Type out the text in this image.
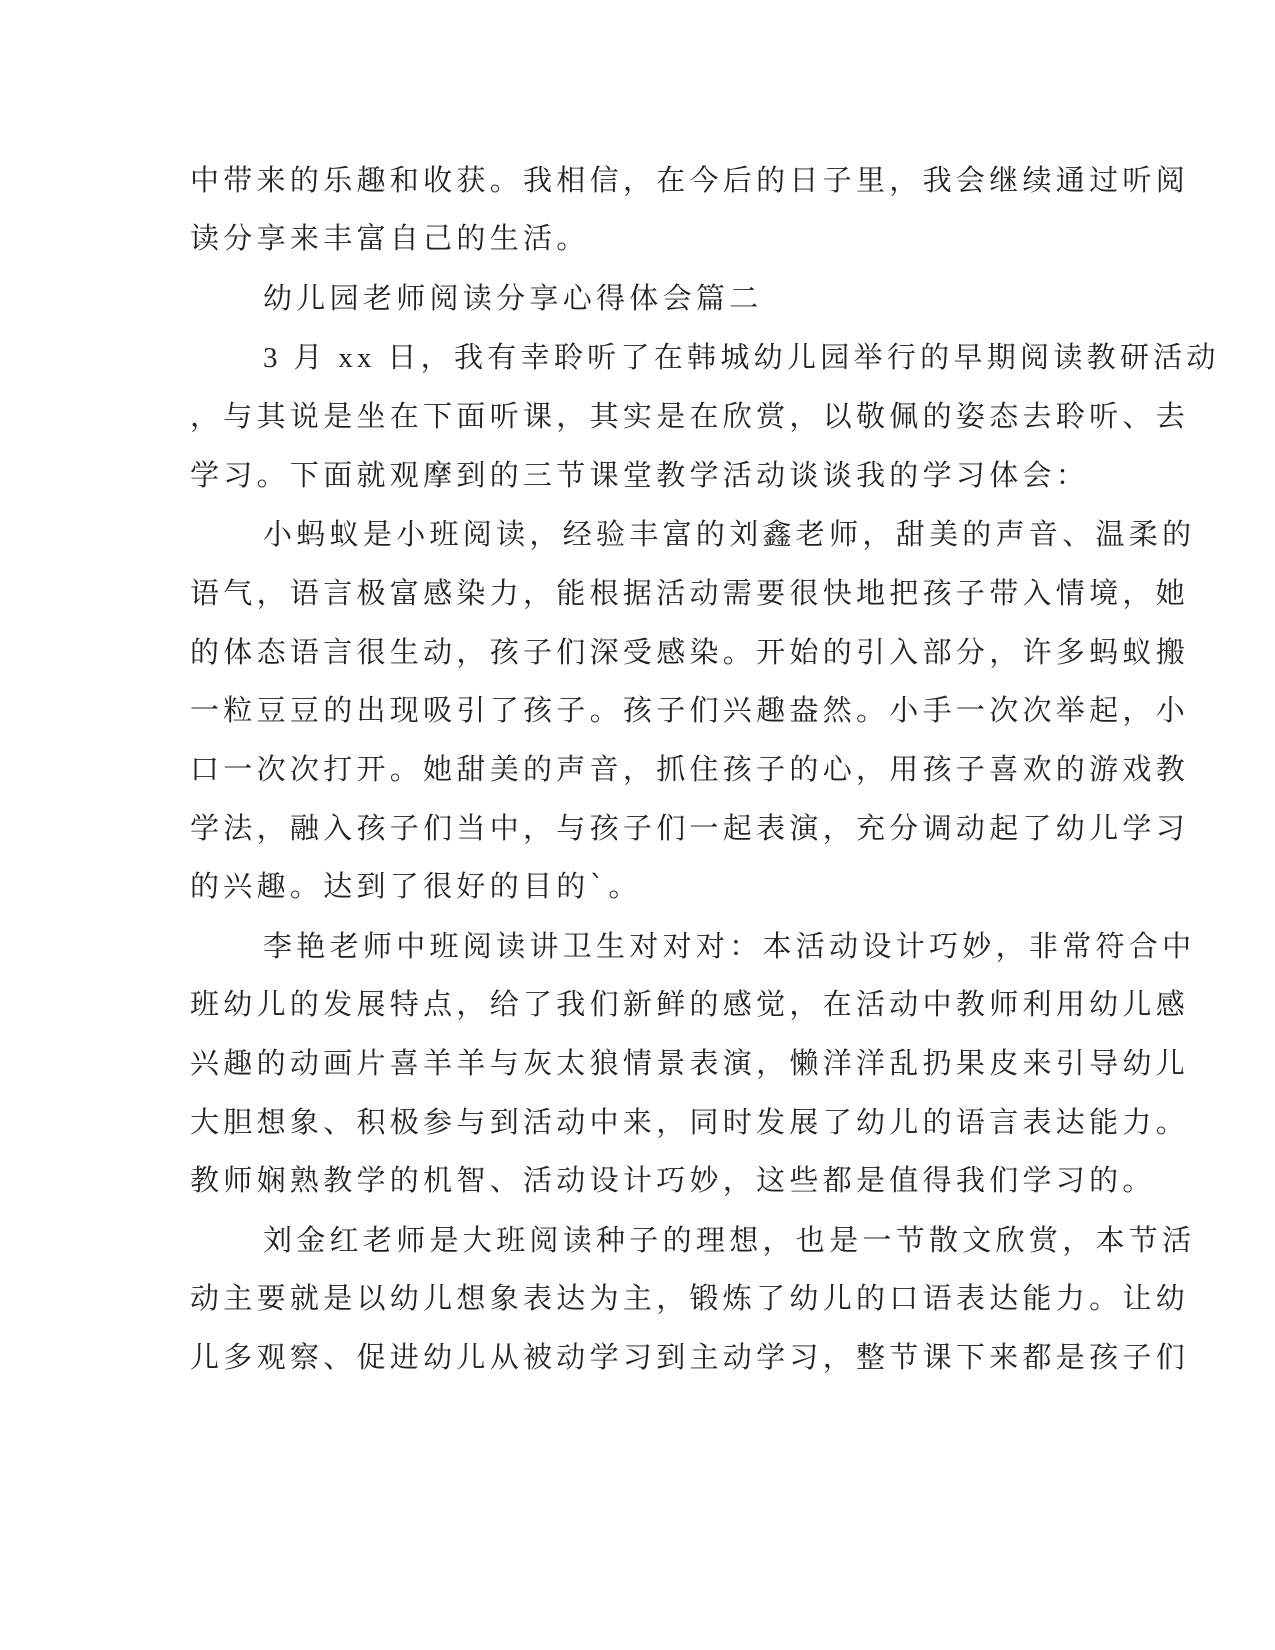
中带来的乐趣和收获。我相信，在今后的日子里，我会继续通过听阅

读分享来丰富自己的生活。

幼儿园老师阅读分享心得体会篇二

3 月 xx 日，我有幸聆听了在韩城幼儿园举行的早期阅读教研活动

，与其说是坐在下面听课，其实是在欣赏，以敬佩的姿态去聆听、去

学习。下面就观摩到的三节课堂教学活动谈谈我的学习体会：

小蚂蚁是小班阅读，经验丰富的刘鑫老师，甜美的声音、温柔的

语气，语言极富感染力，能根据活动需要很快地把孩子带入情境，她

的体态语言很生动，孩子们深受感染。开始的引入部分，许多蚂蚁搬

一粒豆豆的出现吸引了孩子。孩子们兴趣盎然。小手一次次举起，小

口一次次打开。她甜美的声音，抓住孩子的心，用孩子喜欢的游戏教

学法，融入孩子们当中，与孩子们一起表演，充分调动起了幼儿学习

的兴趣。达到了很好的目的`。

李艳老师中班阅读讲卫生对对对：本活动设计巧妙，非常符合中

班幼儿的发展特点，给了我们新鲜的感觉，在活动中教师利用幼儿感

兴趣的动画片喜羊羊与灰太狼情景表演，懒洋洋乱扔果皮来引导幼儿

大胆想象、积极参与到活动中来，同时发展了幼儿的语言表达能力。

教师娴熟教学的机智、活动设计巧妙，这些都是值得我们学习的。

刘金红老师是大班阅读种子的理想，也是一节散文欣赏，本节活

动主要就是以幼儿想象表达为主，锻炼了幼儿的口语表达能力。让幼

儿多观察、促进幼儿从被动学习到主动学习，整节课下来都是孩子们
